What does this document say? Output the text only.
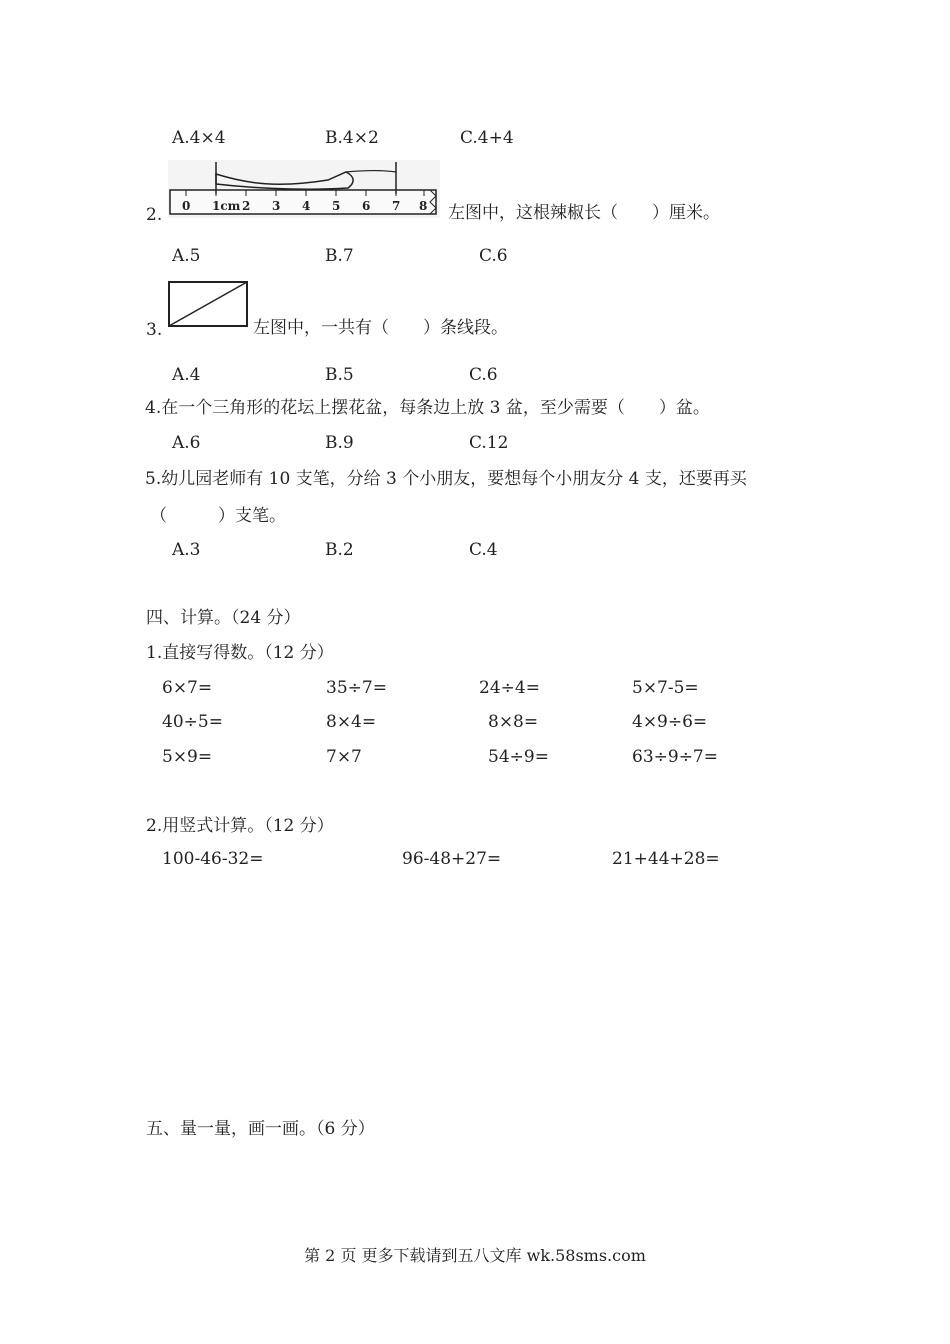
A.4×4	B.4×2	C.4+4
2. 0 1cm 2 3 4 5 6 7 8 左图中，这根辣椒长（　　）厘米。
A.5	B.7	C.6
3.	左图中，一共有（　　）条线段。
A.4	B.5	C.6
4.在一个三角形的花坛上摆花盆，每条边上放 3 盆，至少需要（　　）盆。
A.6	B.9	C.12
5.幼儿园老师有 10 支笔，分给 3 个小朋友，要想每个小朋友分 4 支，还要再买
（　　　）支笔。
A.3	B.2	C.4
四、计算。（24 分）
1.直接写得数。（12 分）
6×7=	35÷7=	24÷4=	5×7-5=
40÷5=	8×4=	8×8=	4×9÷6=
5×9=	7×7	54÷9=	63÷9÷7=
2.用竖式计算。（12 分）
100-46-32=	96-48+27=	21+44+28=
五、量一量，画一画。（6 分）
第 2 页 更多下载请到五八文库 wk.58sms.com
